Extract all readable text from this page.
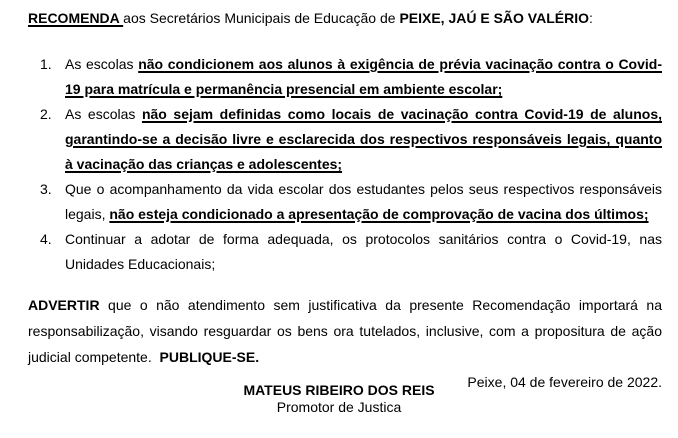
RECOMENDA aos Secretários Municipais de Educação de PEIXE, JAÚ E SÃO VALÉRIO:

1. As escolas não condicionem aos alunos à exigência de prévia vacinação contra o Covid- 19 para matrícula e permanência presencial em ambiente escolar;
2. As escolas não sejam definidas como locais de vacinação contra Covid-19 de alunos, garantindo-se a decisão livre e esclarecida dos respectivos responsáveis legais, quanto à vacinação das crianças e adolescentes;
3. Que o acompanhamento da vida escolar dos estudantes pelos seus respectivos responsáveis legais, não esteja condicionado a apresentação de comprovação de vacina dos últimos;
4. Continuar a adotar de forma adequada, os protocolos sanitários contra o Covid-19, nas Unidades Educacionais;

ADVERTIR que o não atendimento sem justificativa da presente Recomendação importará na responsabilização, visando resguardar os bens ora tutelados, inclusive, com a propositura de ação judicial competente.  PUBLIQUE-SE.

Peixe, 04 de fevereiro de 2022.
MATEUS RIBEIRO DOS REIS
Promotor de Justica
